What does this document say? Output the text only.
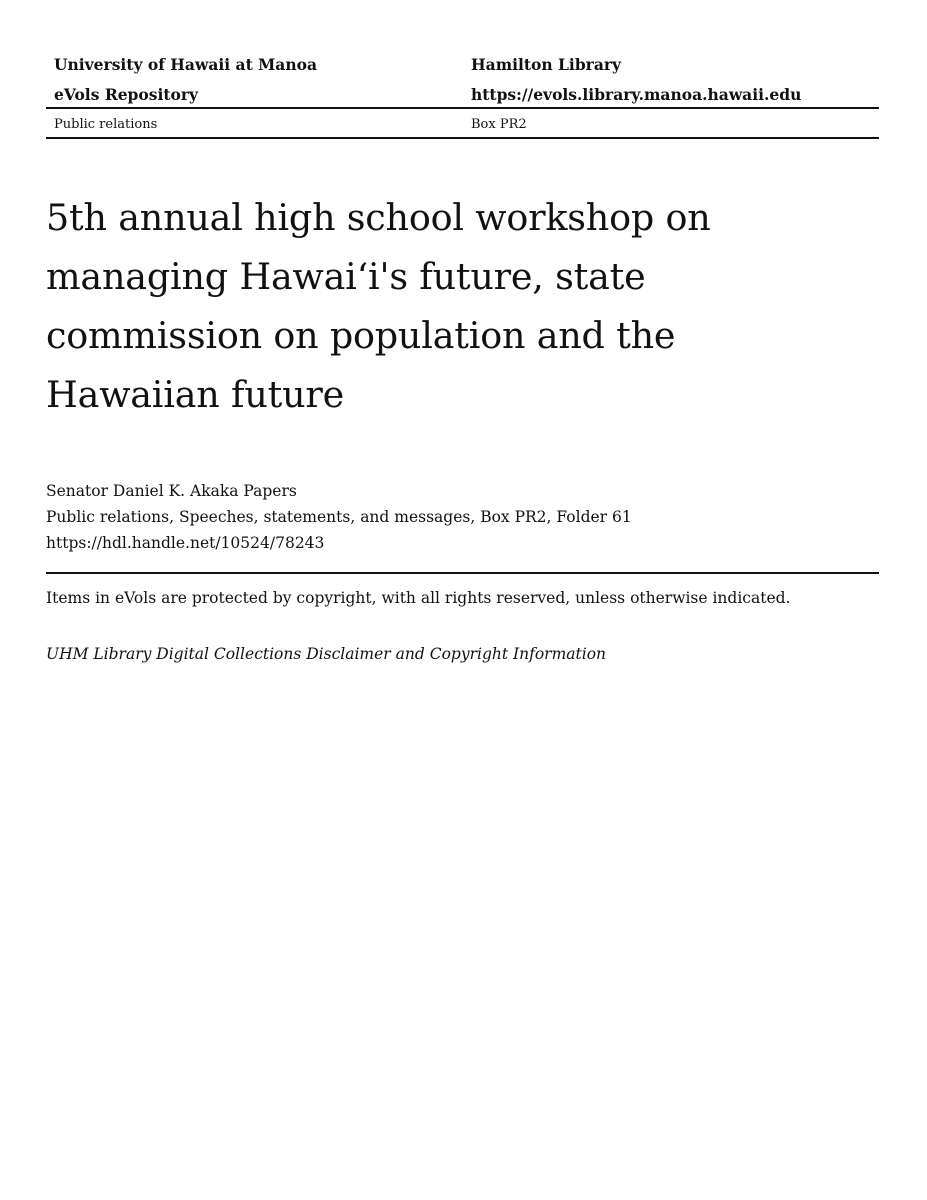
University of Hawaii at Manoa	Hamilton Library
eVols Repository	https://evols.library.manoa.hawaii.edu
Public relations	Box PR2
5th annual high school workshop on managing Hawai‘i's future, state commission on population and the Hawaiian future
Senator Daniel K. Akaka Papers
Public relations, Speeches, statements, and messages, Box PR2, Folder 61
https://hdl.handle.net/10524/78243
Items in eVols are protected by copyright, with all rights reserved, unless otherwise indicated.
UHM Library Digital Collections Disclaimer and Copyright Information
